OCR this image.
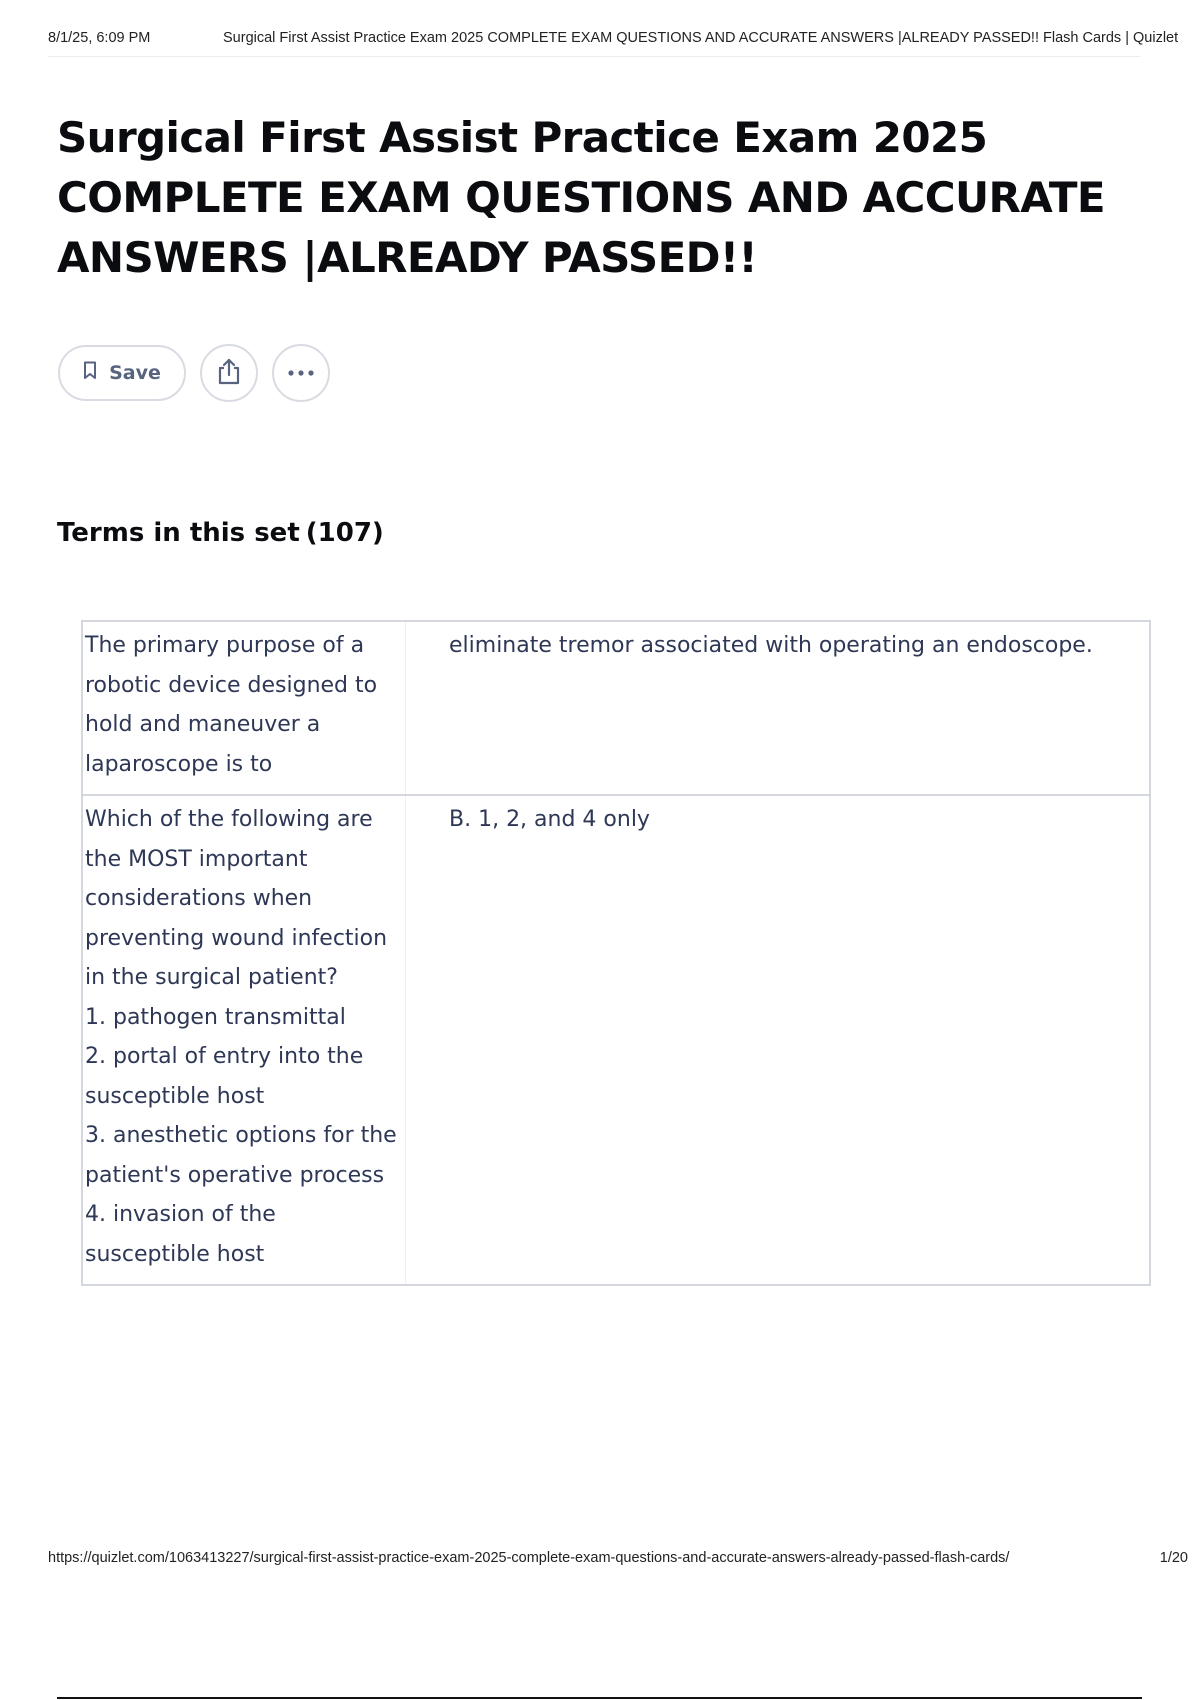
8/1/25, 6:09 PM	Surgical First Assist Practice Exam 2025 COMPLETE EXAM QUESTIONS AND ACCURATE ANSWERS |ALREADY PASSED!! Flash Cards | Quizlet
Surgical First Assist Practice Exam 2025 COMPLETE EXAM QUESTIONS AND ACCURATE ANSWERS |ALREADY PASSED!!
Save
Terms in this set (107)
The primary purpose of a robotic device designed to hold and maneuver a laparoscope is to	eliminate tremor associated with operating an endoscope.

Which of the following are the MOST important considerations when preventing wound infection in the surgical patient?
1. pathogen transmittal
2. portal of entry into the susceptible host
3. anesthetic options for the patient's operative process
4. invasion of the susceptible host	B. 1, 2, and 4 only
https://quizlet.com/1063413227/surgical-first-assist-practice-exam-2025-complete-exam-questions-and-accurate-answers-already-passed-flash-cards/	1/20
